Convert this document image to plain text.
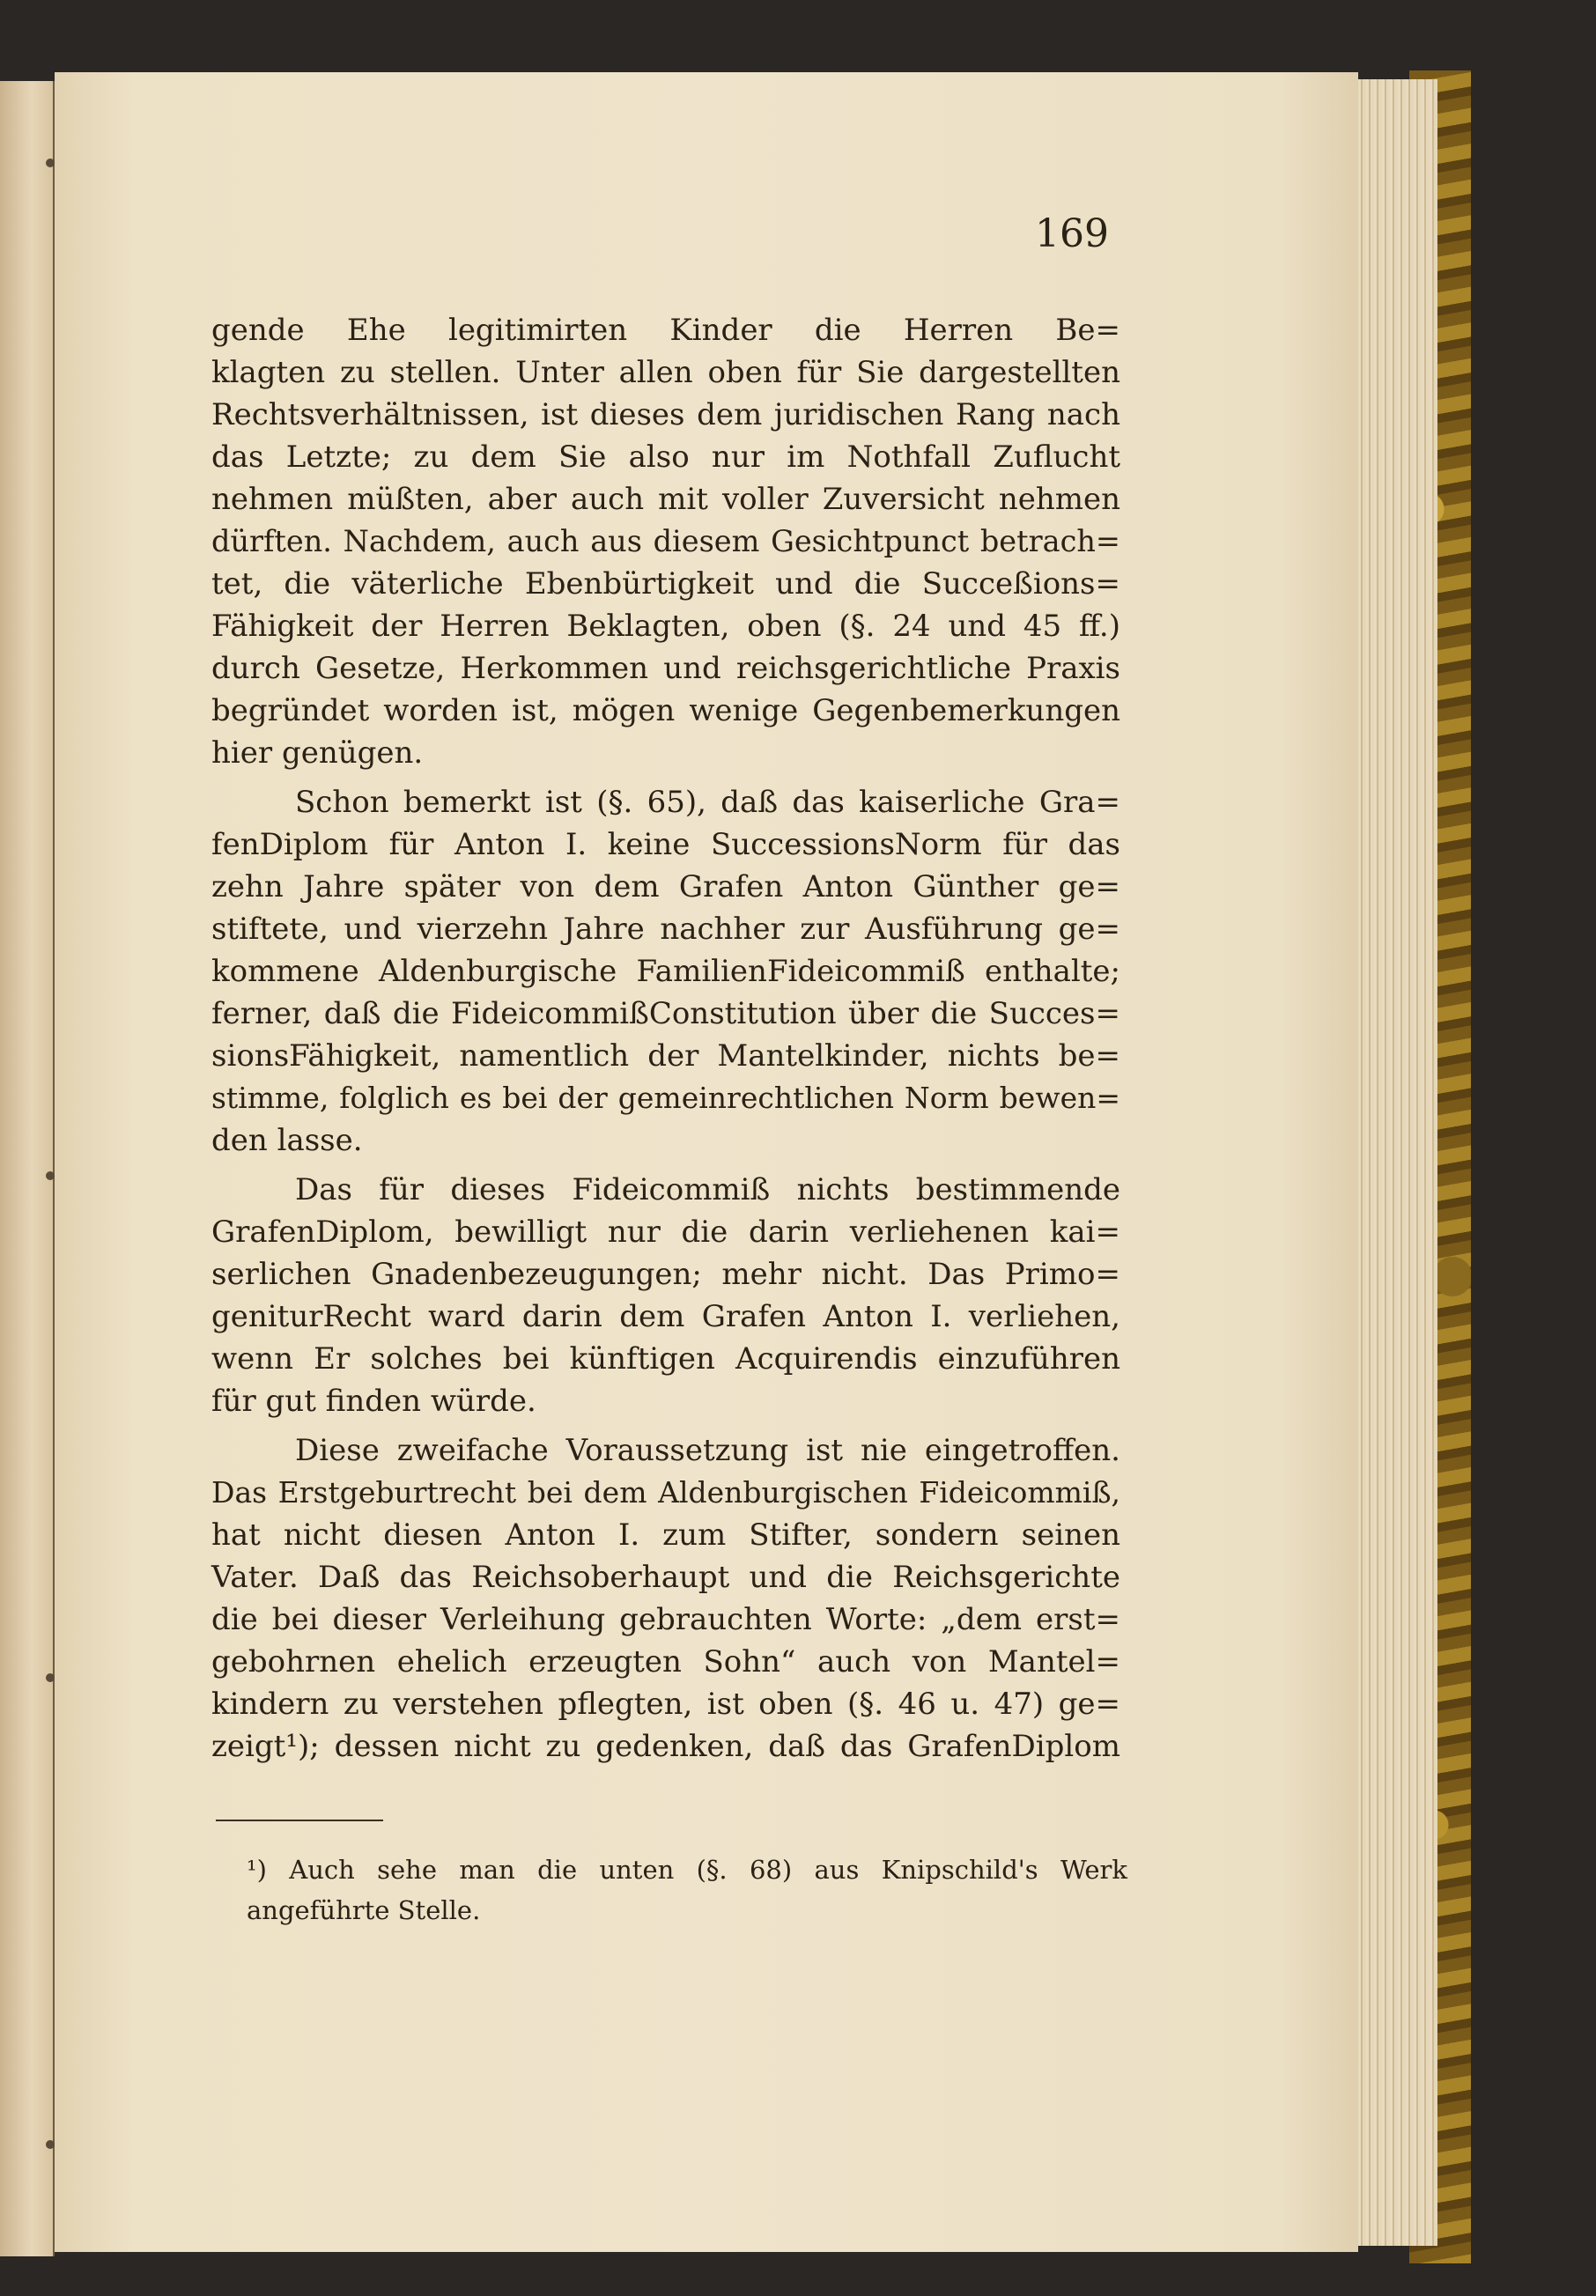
169
gende Ehe legitimirten Kinder die Herren Be=
klagten zu stellen. Unter allen oben für Sie dargestellten
Rechtsverhältnissen, ist dieses dem juridischen Rang nach
das Letzte; zu dem Sie also nur im Nothfall Zuflucht
nehmen müßten, aber auch mit voller Zuversicht nehmen
dürften. Nachdem, auch aus diesem Gesichtpunct betrach=
tet, die väterliche Ebenbürtigkeit und die Succeßions=
Fähigkeit der Herren Beklagten, oben (§. 24 und 45 ff.)
durch Gesetze, Herkommen und reichsgerichtliche Praxis
begründet worden ist, mögen wenige Gegenbemerkungen
hier genügen.
Schon bemerkt ist (§. 65), daß das kaiserliche Gra=
fenDiplom für Anton I. keine SuccessionsNorm für das
zehn Jahre später von dem Grafen Anton Günther ge=
stiftete, und vierzehn Jahre nachher zur Ausführung ge=
kommene Aldenburgische FamilienFideicommiß enthalte;
ferner, daß die FideicommißConstitution über die Succes=
sionsFähigkeit, namentlich der Mantelkinder, nichts be=
stimme, folglich es bei der gemeinrechtlichen Norm bewen=
den lasse.
Das für dieses Fideicommiß nichts bestimmende
GrafenDiplom, bewilligt nur die darin verliehenen kai=
serlichen Gnadenbezeugungen; mehr nicht. Das Primo=
geniturRecht ward darin dem Grafen Anton I. verliehen,
wenn Er solches bei künftigen Acquirendis einzuführen
für gut finden würde.
Diese zweifache Voraussetzung ist nie eingetroffen.
Das Erstgeburtrecht bei dem Aldenburgischen Fideicommiß,
hat nicht diesen Anton I. zum Stifter, sondern seinen
Vater. Daß das Reichsoberhaupt und die Reichsgerichte
die bei dieser Verleihung gebrauchten Worte: „dem erst=
gebohrnen ehelich erzeugten Sohn“ auch von Mantel=
kindern zu verstehen pflegten, ist oben (§. 46 u. 47) ge=
zeigt¹); dessen nicht zu gedenken, daß das GrafenDiplom
¹) Auch sehe man die unten (§. 68) aus Knipschild's Werk
angeführte Stelle.
